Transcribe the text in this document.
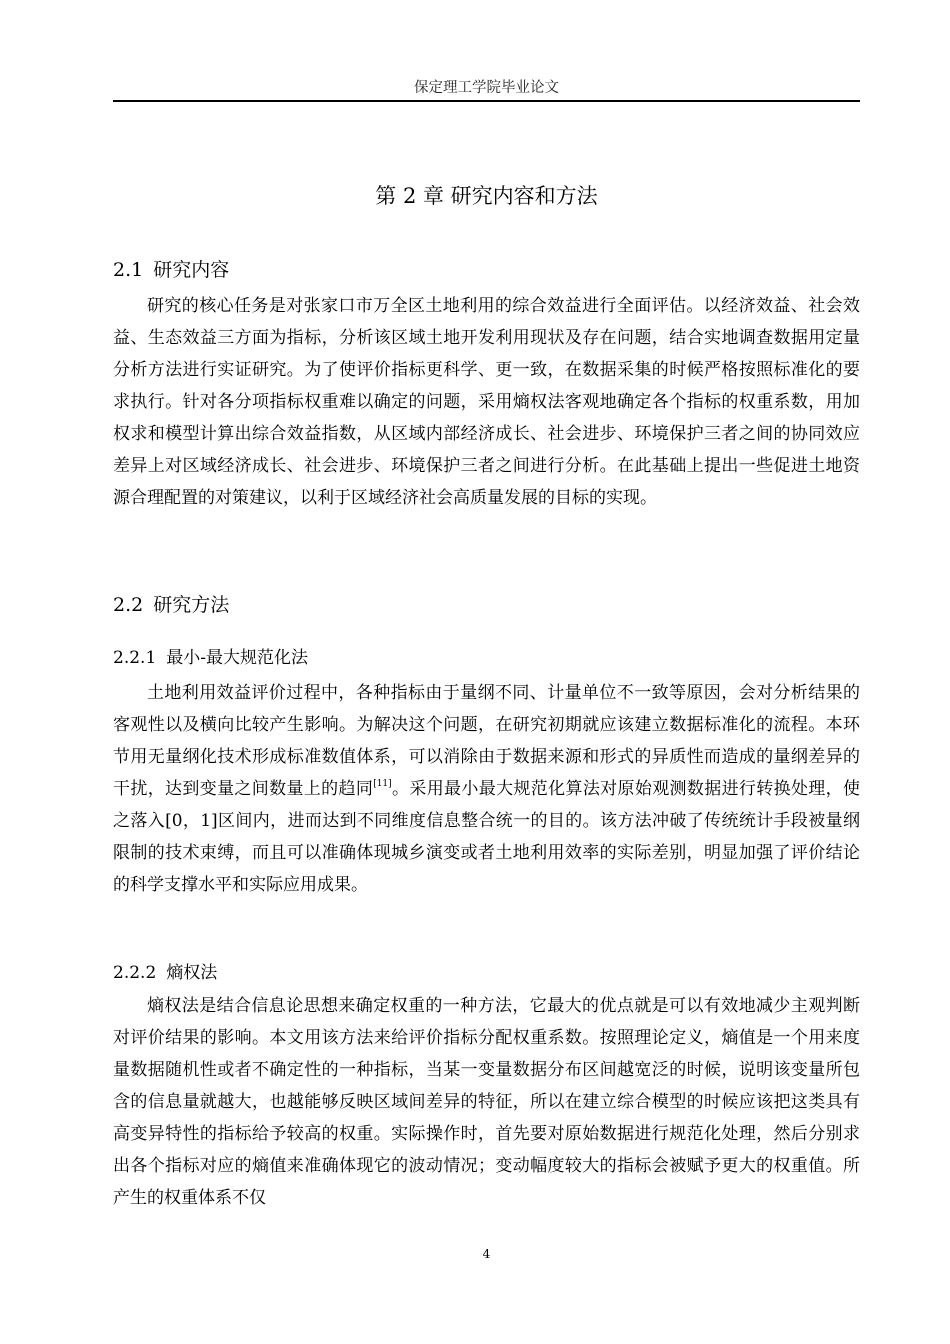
保定理工学院毕业论文
第 2 章 研究内容和方法
2.1 研究内容

研究的核心任务是对张家口市万全区土地利用的综合效益进行全面评估。以经济效益、社会效益、生态效益三方面为指标，分析该区域土地开发利用现状及存在问题，结合实地调查数据用定量分析方法进行实证研究。为了使评价指标更科学、更一致，在数据采集的时候严格按照标准化的要求执行。针对各分项指标权重难以确定的问题，采用熵权法客观地确定各个指标的权重系数，用加权求和模型计算出综合效益指数，从区域内部经济成长、社会进步、环境保护三者之间的协同效应差异上对区域经济成长、社会进步、环境保护三者之间进行分析。在此基础上提出一些促进土地资源合理配置的对策建议，以利于区域经济社会高质量发展的目标的实现。

2.2 研究方法
2.2.1 最小-最大规范化法

土地利用效益评价过程中，各种指标由于量纲不同、计量单位不一致等原因，会对分析结果的客观性以及横向比较产生影响。为解决这个问题，在研究初期就应该建立数据标准化的流程。本环节用无量纲化技术形成标准数值体系，可以消除由于数据来源和形式的异质性而造成的量纲差异的干扰，达到变量之间数量上的趋同[11]。采用最小最大规范化算法对原始观测数据进行转换处理，使之落入[0，1]区间内，进而达到不同维度信息整合统一的目的。该方法冲破了传统统计手段被量纲限制的技术束缚，而且可以准确体现城乡演变或者土地利用效率的实际差别，明显加强了评价结论的科学支撑水平和实际应用成果。

2.2.2 熵权法

熵权法是结合信息论思想来确定权重的一种方法，它最大的优点就是可以有效地减少主观判断对评价结果的影响。本文用该方法来给评价指标分配权重系数。按照理论定义，熵值是一个用来度量数据随机性或者不确定性的一种指标，当某一变量数据分布区间越宽泛的时候，说明该变量所包含的信息量就越大，也越能够反映区域间差异的特征，所以在建立综合模型的时候应该把这类具有高变异特性的指标给予较高的权重。实际操作时，首先要对原始数据进行规范化处理，然后分别求出各个指标对应的熵值来准确体现它的波动情况；变动幅度较大的指标会被赋予更大的权重值。所产生的权重体系不仅

4
